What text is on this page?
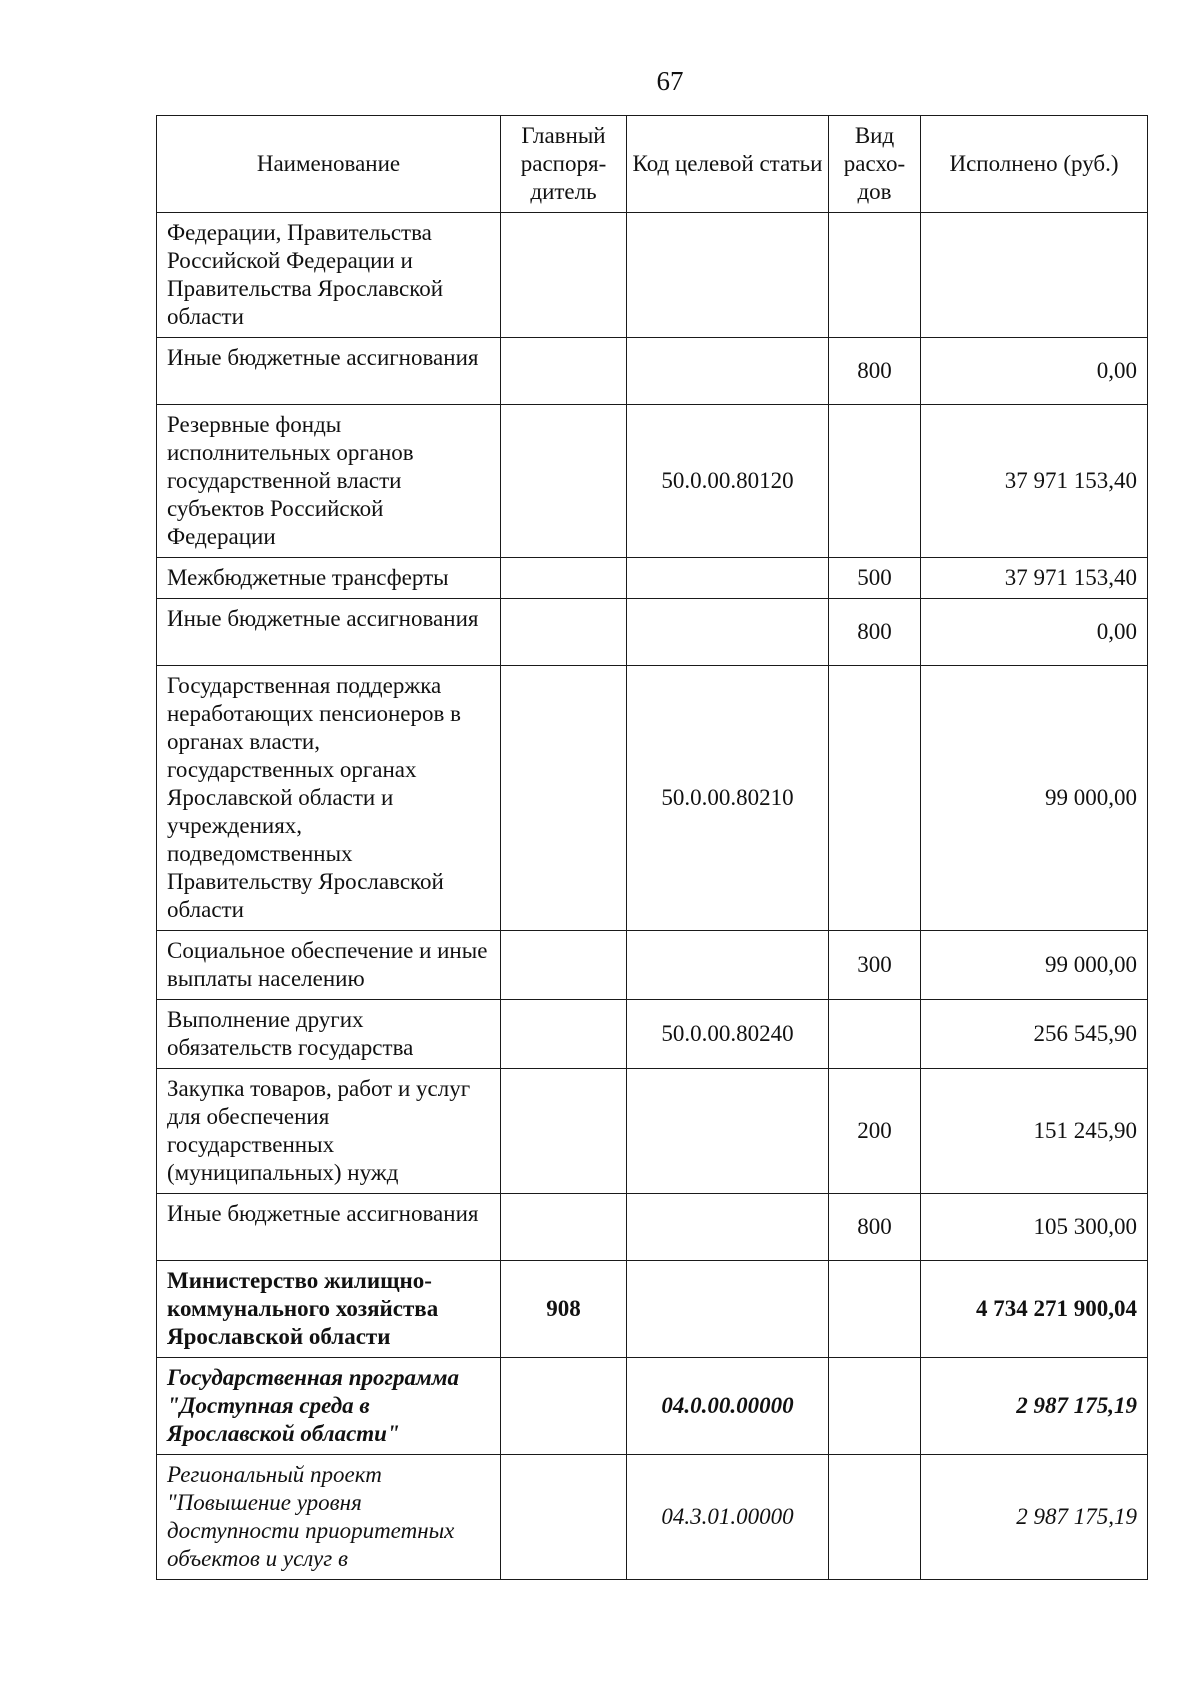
67
Наименование	Главный распоря-дитель	Код целевой статьи	Вид расхо-дов	Исполнено (руб.)
Федерации, Правительства Российской Федерации и Правительства Ярославской области				
Иные бюджетные ассигнования			800	0,00
Резервные фонды исполнительных органов государственной власти субъектов Российской Федерации		50.0.00.80120		37 971 153,40
Межбюджетные трансферты			500	37 971 153,40
Иные бюджетные ассигнования			800	0,00
Государственная поддержка неработающих пенсионеров в органах власти, государственных органах Ярославской области и учреждениях, подведомственных Правительству Ярославской области		50.0.00.80210		99 000,00
Социальное обеспечение и иные выплаты населению			300	99 000,00
Выполнение других обязательств государства		50.0.00.80240		256 545,90
Закупка товаров, работ и услуг для обеспечения государственных (муниципальных) нужд			200	151 245,90
Иные бюджетные ассигнования			800	105 300,00
Министерство жилищно-коммунального хозяйства Ярославской области	908			4 734 271 900,04
Государственная программа "Доступная среда в Ярославской области"		04.0.00.00000		2 987 175,19
Региональный проект "Повышение уровня доступности приоритетных объектов и услуг в		04.3.01.00000		2 987 175,19
